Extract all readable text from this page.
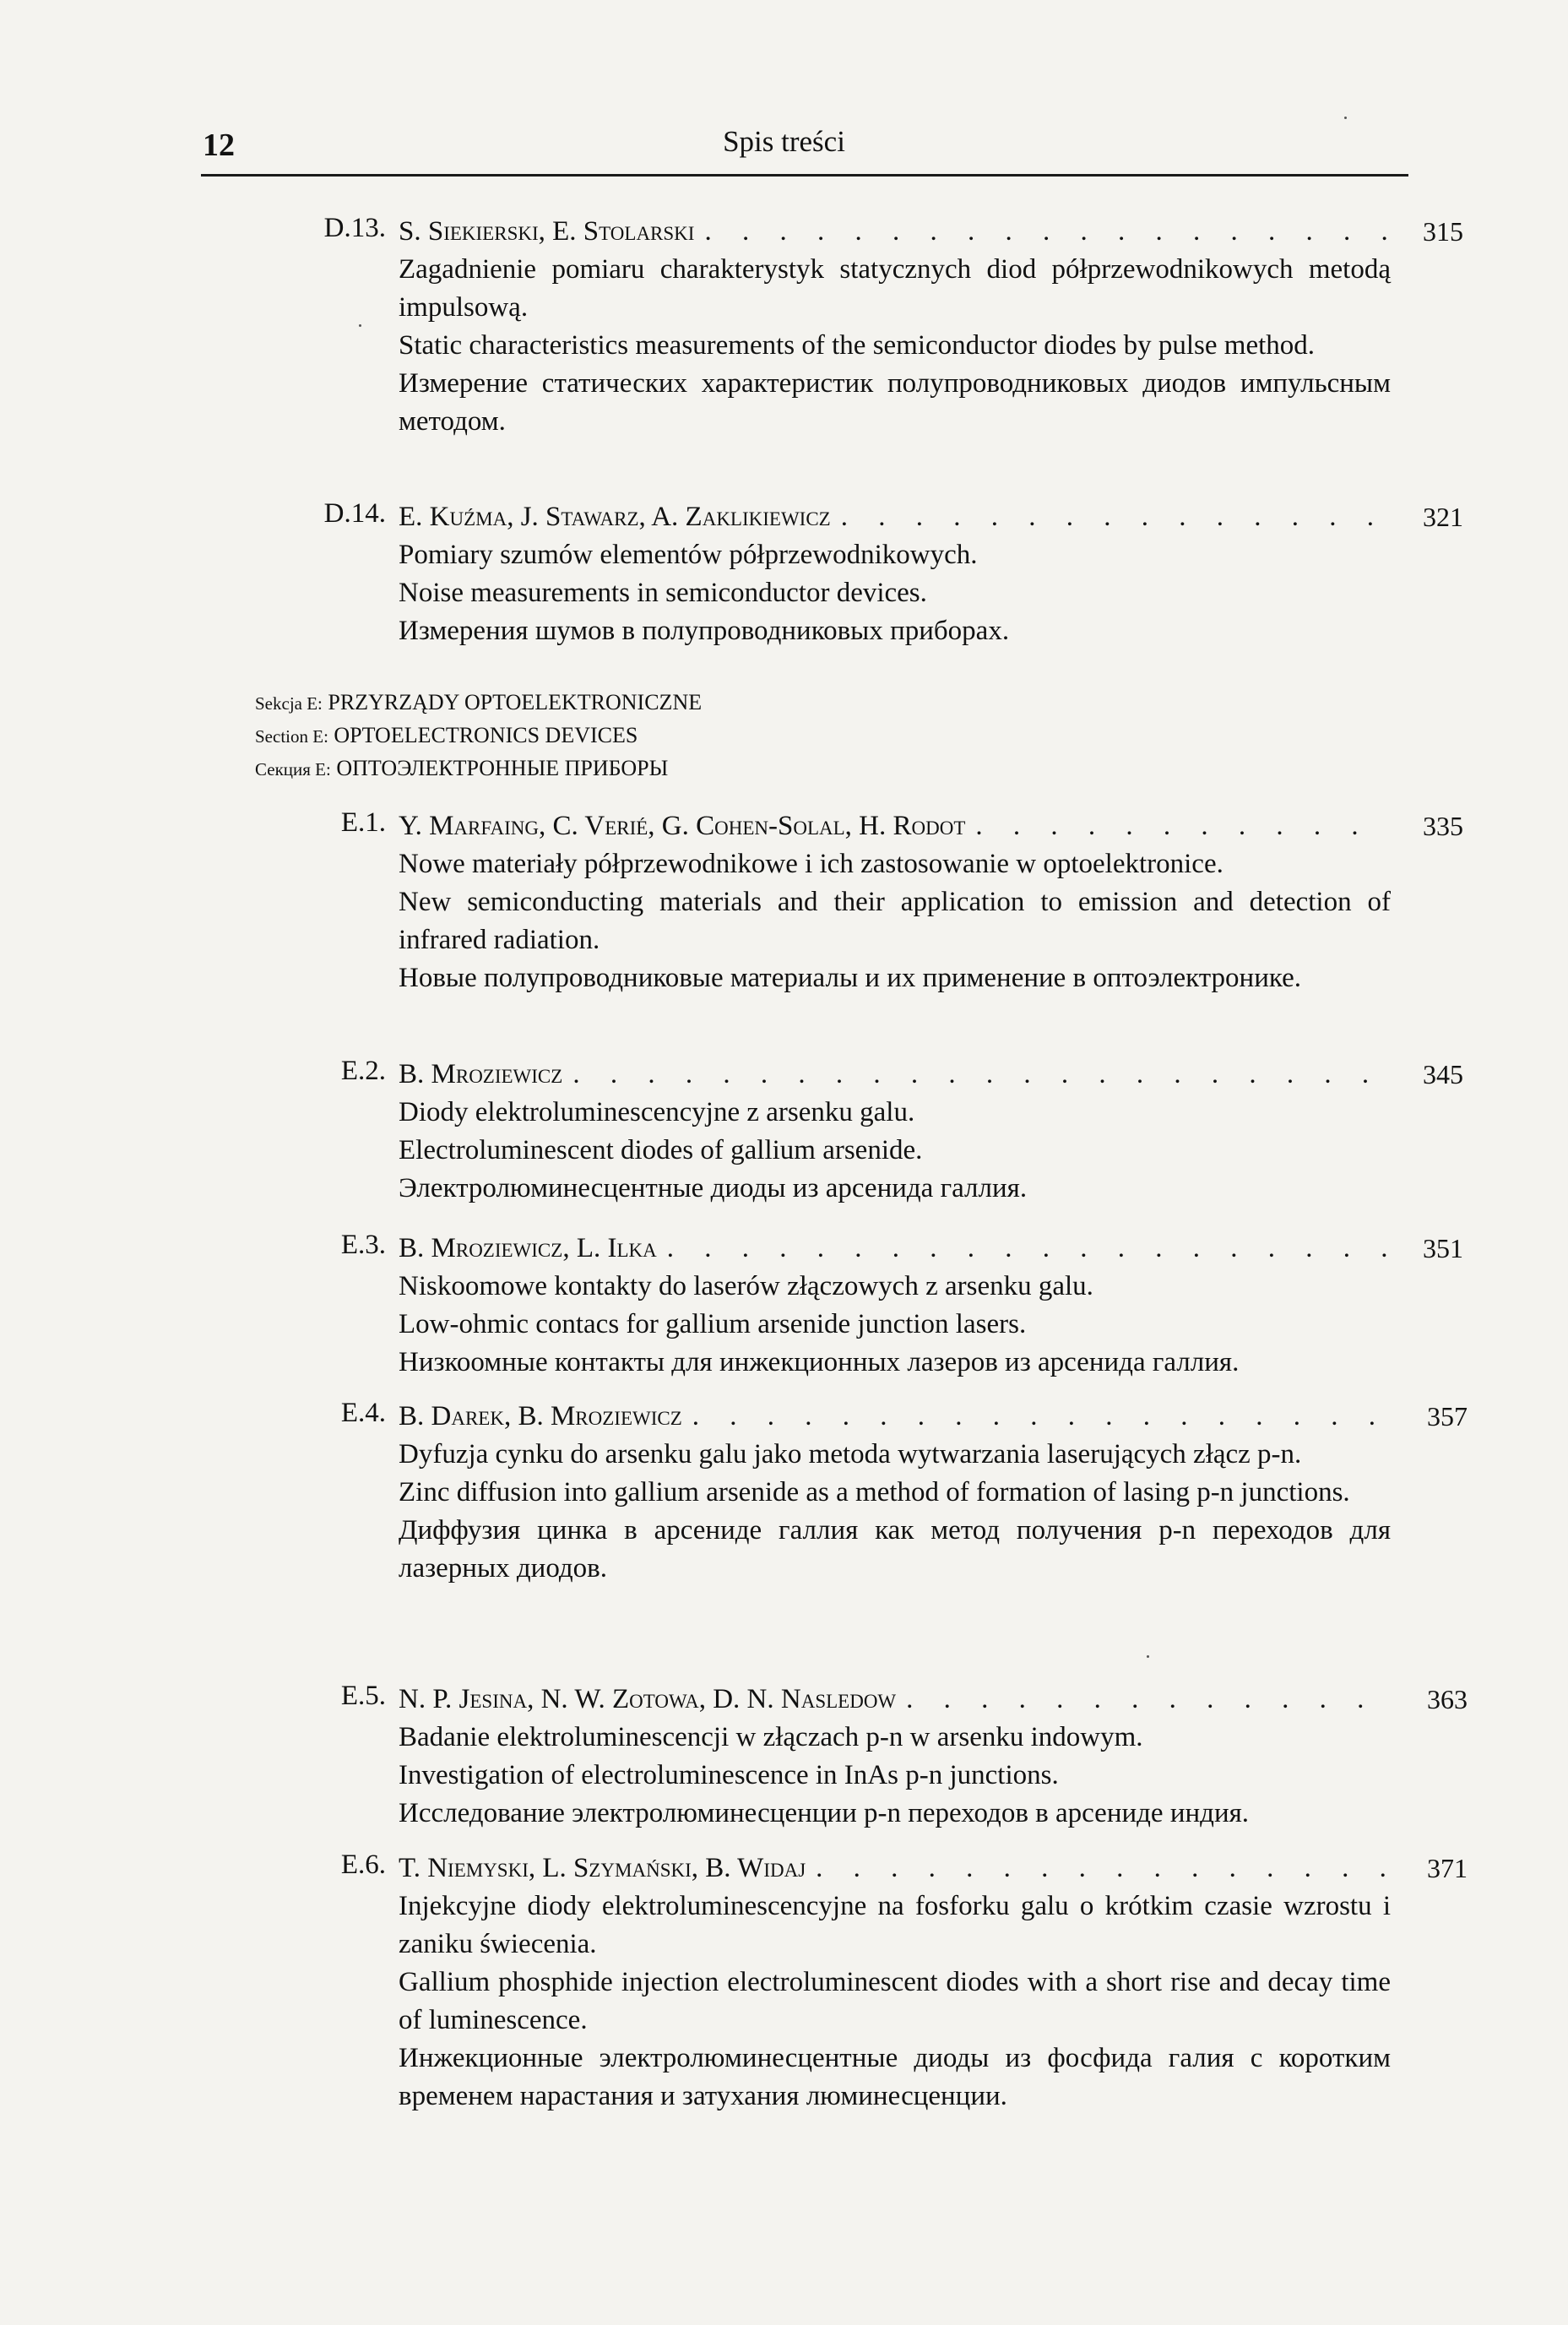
12	Spis treści
D.13. S. Siekierski, E. Stolarski
. . .

Zagadnienie pomiaru charakterystyk statycznych diod półprzewodnikowych metodą impulsową.

Static characteristics measurements of the semiconductor diodes by pulse method.

Измерение статических характеристик полупроводниковых диодов импульсным методом.

315
D.14. E. Kuźma, J. Stawarz, A. Zaklikiewicz
. . .

Pomiary szumów elementów półprzewodnikowych.

Noise measurements in semiconductor devices.

Измерения шумов в полупроводниковых приборах.

321
Sekcja E: PRZYRZĄDY OPTOELEKTRONICZNE
Section E: OPTOELECTRONICS DEVICES
Секция Е: ОПТОЭЛЕКТРОННЫЕ ПРИБОРЫ
E.1. Y. Marfaing, C. Verié, G. Cohen-Solal, H. Rodot
. . .

Nowe materiały półprzewodnikowe i ich zastosowanie w optoelektronice.

New semiconducting materials and their application to emission and detection of infrared radiation.

Новые полупроводниковые материалы и их применение в оптоэлектронике.

335
E.2. B. Mroziewicz
. . .

Diody elektroluminescencyjne z arsenku galu.

Electroluminescent diodes of gallium arsenide.

Электролюминесцентные диоды из арсенида галлия.

345
E.3. B. Mroziewicz, L. Ilka
. . .

Niskoomowe kontakty do laserów złączowych z arsenku galu.

Low-ohmic contacs for gallium arsenide junction lasers.

Низкоомные контакты для инжекционных лазеров из арсенида галлия.

351
E.4. B. Darek, B. Mroziewicz
. . .

Dyfuzja cynku do arsenku galu jako metoda wytwarzania laserujących złącz p-n.

Zinc diffusion into gallium arsenide as a method of formation of lasing p-n junctions.

Диффузия цинка в арсениде галлия как метод получения p-n переходов для лазерных диодов.

357
E.5. N. P. Jesina, N. W. Zotowa, D. N. Nasledow
. . .

Badanie elektroluminescencji w złączach p-n w arsenku indowym.

Investigation of electroluminescence in InAs p-n junctions.

Исследование электролюминесценции p-n переходов в арсениде индия.

363
E.6. T. Niemyski, L. Szymański, B. Widaj
. . .

Injekcyjne diody elektroluminescencyjne na fosforku galu o krótkim czasie wzrostu i zaniku świecenia.

Gallium phosphide injection electroluminescent diodes with a short rise and decay time of luminescence.

Инжекционные электролюминесцентные диоды из фосфида галия с коротким временем нарастания и затухания люминесценции.

371
